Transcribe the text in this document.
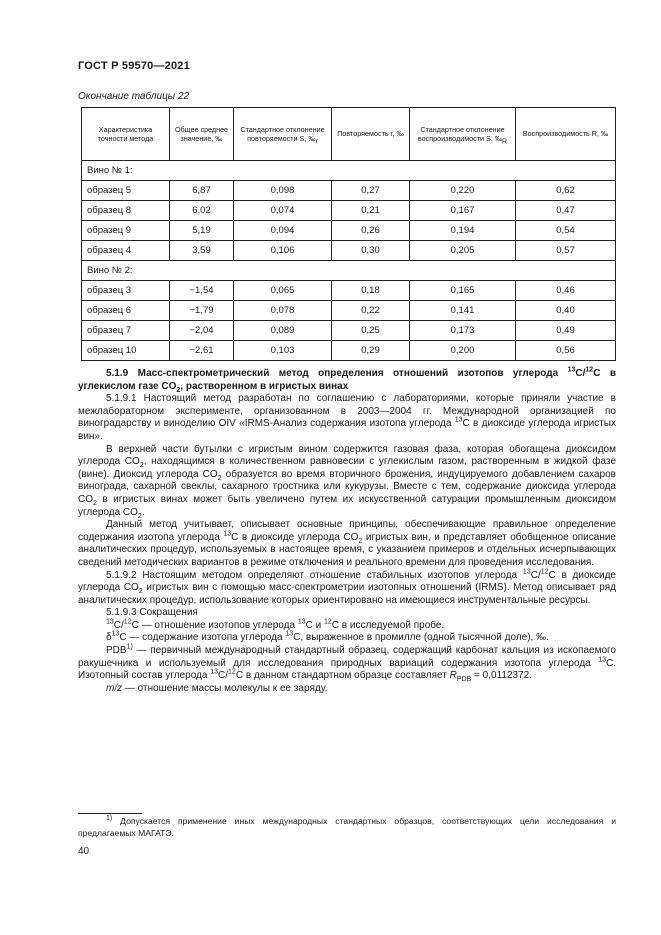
ГОСТ Р 59570—2021
Окончание таблицы 22
Характеристика точности метода	Общее среднее значение, ‰	Стандартное отклонение повторяемости S, $‰_r$	Повторяемость r, ‰	Стандартное отклонение воспроизводимости S, $‰_R$	Воспроизводимость R, ‰
Вино № 1:					
образец 5	6,87	0,098	0,27	0,220	0,62
образец 8	6,02	0,074	0,21	0,167	0,47
образец 9	5,19	0,094	0,26	0,194	0,54
образец 4	3,59	0,106	0,30	0,205	0,57
Вино № 2:					
образец 3	−1,54	0,065	0,18	0,165	0,46
образец 6	−1,79	0,078	0,22	0,141	0,40
образец 7	−2,04	0,089	0,25	0,173	0,49
образец 10	−2,61	0,103	0,29	0,200	0,56

5.1.9 Масс-спектрометрический метод определения отношений изотопов углерода $^{13}$C/$^{12}$C в углекислом газе $CO_2$, растворенном в игристых винах

5.1.9.1 Настоящий метод разработан по соглашению с лабораториями, которые приняли участие в межлабораторном эксперименте, организованном в 2003—2004 гг. Международной организацией по виноградарству и виноделию OIV «IRMS-Анализ содержания изотопа углерода $^{13}$C в диоксиде углерода игристых вин».

В верхней части бутылки с игристым вином содержится газовая фаза, которая обогащена диоксидом углерода $CO_2$, находящимся в количественном равновесии с углекислым газом, растворенным в жидкой фазе (вине). Диоксид углерода $CO_2$ образуется во время вторичного брожения, индуцируемого добавлением сахаров винограда, сахарной свеклы, сахарного тростника или кукурузы. Вместе с тем, содержание диоксида углерода $CO_2$ в игристых винах может быть увеличено путем их искусственной сатурации промышленным диоксидом углерода $CO_2$.

Данный метод учитывает, описывает основные принципы, обеспечивающие правильное определение содержания изотопа углерода $^{13}$C в диоксиде углерода $CO_2$ игристых вин, и представляет обобщенное описание аналитических процедур, используемых в настоящее время, с указанием примеров и отдельных исчерпывающих сведений методических вариантов в режиме отключения и реального времени для проведения исследования.

5.1.9.2 Настоящим методом определяют отношение стабильных изотопов углерода $^{13}$C/$^{12}$C в диоксиде углерода $CO_2$ игристых вин с помощью масс-спектрометрии изотопных отношений (IRMS). Метод описывает ряд аналитических процедур, использование которых ориентировано на имеющиеся инструментальные ресурсы.

5.1.9.3 Сокращения

$^{13}$C/$^{12}$C — отношение изотопов углерода $^{13}$C и $^{12}$C в исследуемой пробе.

$\delta^{13}C$ — содержание изотопа углерода $^{13}$C, выраженное в промилле (одной тысячной доле), ‰.

PDB$^{1)}$ — первичный международный стандартный образец, содержащий карбонат кальция из ископаемого ракушечника и используемый для исследования природных вариаций содержания изотопа углерода $^{13}$C. Изотопный состав углерода $^{13}$C/$^{12}$C в данном стандартном образце составляет $R_{PDB} = 0,0112372$.

m/z — отношение массы молекулы к ее заряду.

$^{1)}$ Допускается применение иных международных стандартных образцов, соответствующих цели исследования и предлагаемых МАГАТЭ.
40
